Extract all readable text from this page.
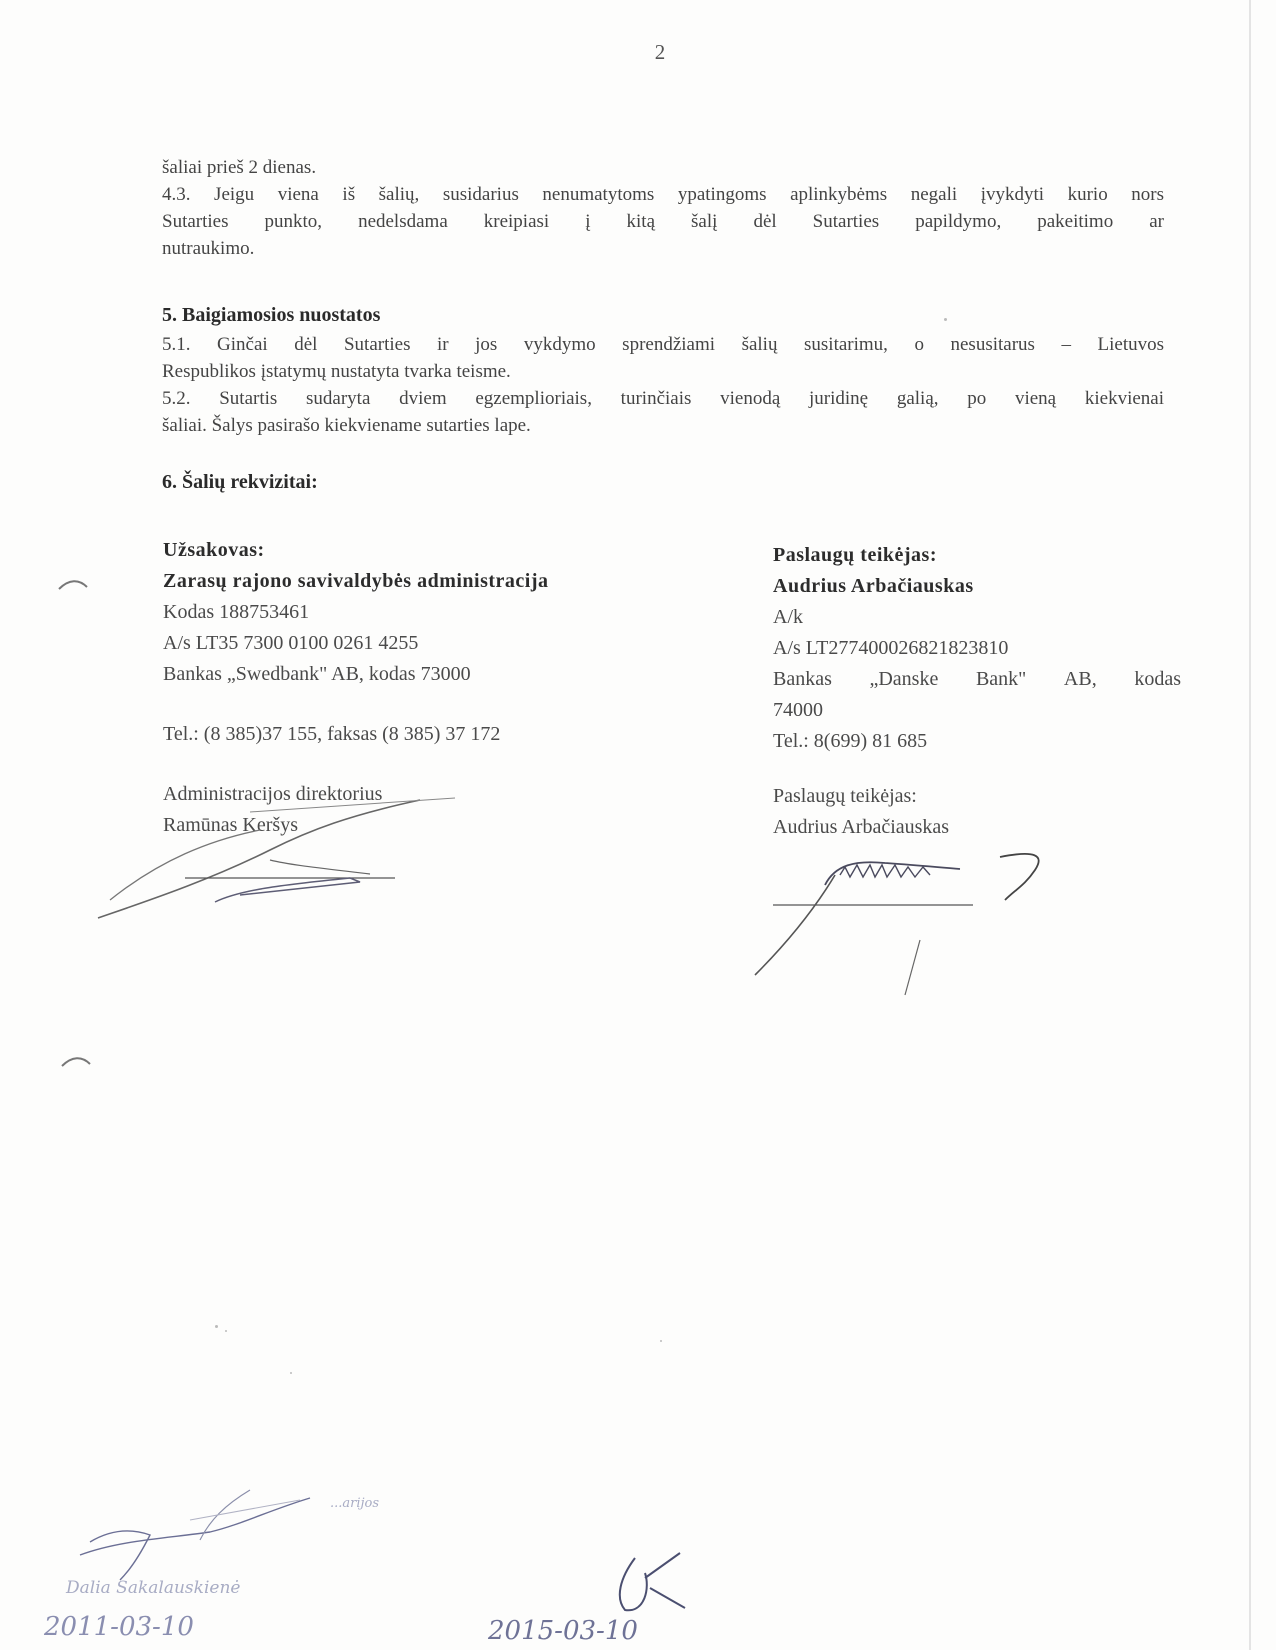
2
šaliai prieš 2 dienas.
4.3. Jeigu viena iš šalių, susidarius nenumatytoms ypatingoms aplinkybėms negali įvykdyti kurio nors
Sutarties punkto, nedelsdama kreipiasi į kitą šalį dėl Sutarties papildymo, pakeitimo ar
nutraukimo.
5. Baigiamosios nuostatos
5.1. Ginčai dėl Sutarties ir jos vykdymo sprendžiami šalių susitarimu, o nesusitarus – Lietuvos
Respublikos įstatymų nustatyta tvarka teisme.
5.2. Sutartis sudaryta dviem egzemplioriais, turinčiais vienodą juridinę galią, po vieną kiekvienai
šaliai. Šalys pasirašo kiekviename sutarties lape.
6. Šalių rekvizitai:
Užsakovas:
Zarasų rajono savivaldybės administracija
Kodas 188753461
A/s LT35 7300 0100 0261 4255
Bankas „Swedbank" AB, kodas 73000
Tel.: (8 385)37 155, faksas (8 385) 37 172
Administracijos direktorius
Ramūnas Keršys
Paslaugų teikėjas:
Audrius Arbačiauskas
A/k
A/s LT277400026821823810
Bankas „Danske Bank" AB, kodas
74000
Tel.: 8(699) 81 685
Paslaugų teikėjas:
Audrius Arbačiauskas
...arijos
Dalia Sakalauskienė
2011-03-10	2015-03-10
